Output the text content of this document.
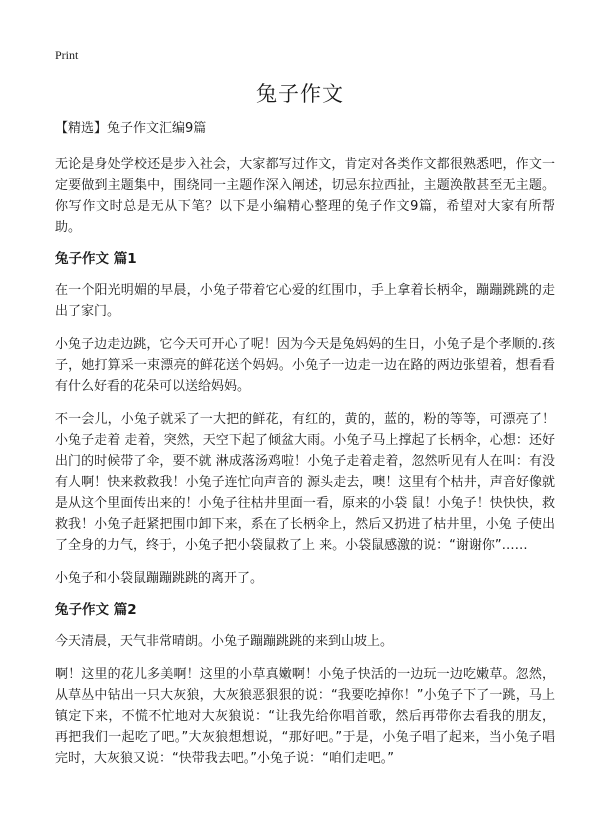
Print
兔子作文

【精选】兔子作文汇编9篇

无论是身处学校还是步入社会，大家都写过作文，肯定对各类作文都很熟悉吧，作文一定要做到主题集中，围绕同一主题作深入阐述，切忌东拉西扯，主题涣散甚至无主题。你写作文时总是无从下笔？以下是小编精心整理的兔子作文9篇，希望对大家有所帮助。

兔子作文 篇1

在一个阳光明媚的早晨，小兔子带着它心爱的红围巾，手上拿着长柄伞，蹦蹦跳跳的走出了家门。

小兔子边走边跳，它今天可开心了呢！因为今天是兔妈妈的生日，小兔子是个孝顺的.孩子，她打算采一束漂亮的鲜花送个妈妈。小兔子一边走一边在路的两边张望着，想看看有什么好看的花朵可以送给妈妈。

不一会儿，小兔子就采了一大把的鲜花，有红的，黄的，蓝的，粉的等等，可漂亮了！小兔子走着 走着，突然，天空下起了倾盆大雨。小兔子马上撑起了长柄伞，心想：还好出门的时候带了伞，要不就 淋成落汤鸡啦！小兔子走着走着，忽然听见有人在叫：有没有人啊！快来救救我！小兔子连忙向声音的 源头走去，噢！这里有个枯井，声音好像就是从这个里面传出来的！小兔子往枯井里面一看，原来的小袋 鼠！小兔子！快快快，救救我！小兔子赶紧把围巾卸下来，系在了长柄伞上，然后又扔进了枯井里，小兔 子使出了全身的力气，终于，小兔子把小袋鼠救了上 来。小袋鼠感激的说：“谢谢你”……

小兔子和小袋鼠蹦蹦跳跳的离开了。

兔子作文 篇2

今天清晨，天气非常晴朗。小兔子蹦蹦跳跳的来到山坡上。

啊！这里的花儿多美啊！这里的小草真嫩啊！小兔子快活的一边玩一边吃嫩草。忽然，从草丛中钻出一只大灰狼，大灰狼恶狠狠的说：“我要吃掉你！”小兔子下了一跳，马上镇定下来，不慌不忙地对大灰狼说：“让我先给你唱首歌，然后再带你去看我的朋友，再把我们一起吃了吧。”大灰狼想想说，“那好吧。”于是，小兔子唱了起来，当小兔子唱完时，大灰狼又说：“快带我去吧。”小兔子说：“咱们走吧。”
